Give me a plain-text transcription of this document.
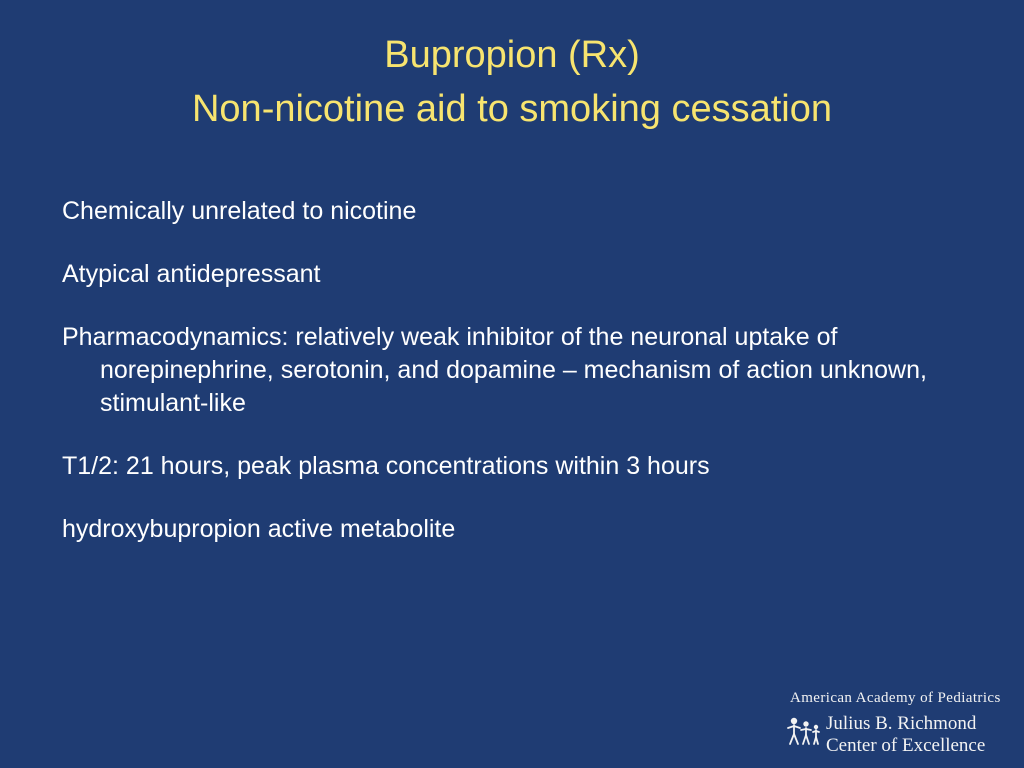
Bupropion (Rx)
Non-nicotine aid to smoking cessation
Chemically unrelated to nicotine
Atypical antidepressant
Pharmacodynamics: relatively weak inhibitor of the neuronal uptake of norepinephrine, serotonin, and dopamine – mechanism of action unknown, stimulant-like
T1/2: 21 hours, peak plasma concentrations within 3 hours
hydroxybupropion active metabolite
American Academy of Pediatrics
Julius B. Richmond
Center of Excellence
